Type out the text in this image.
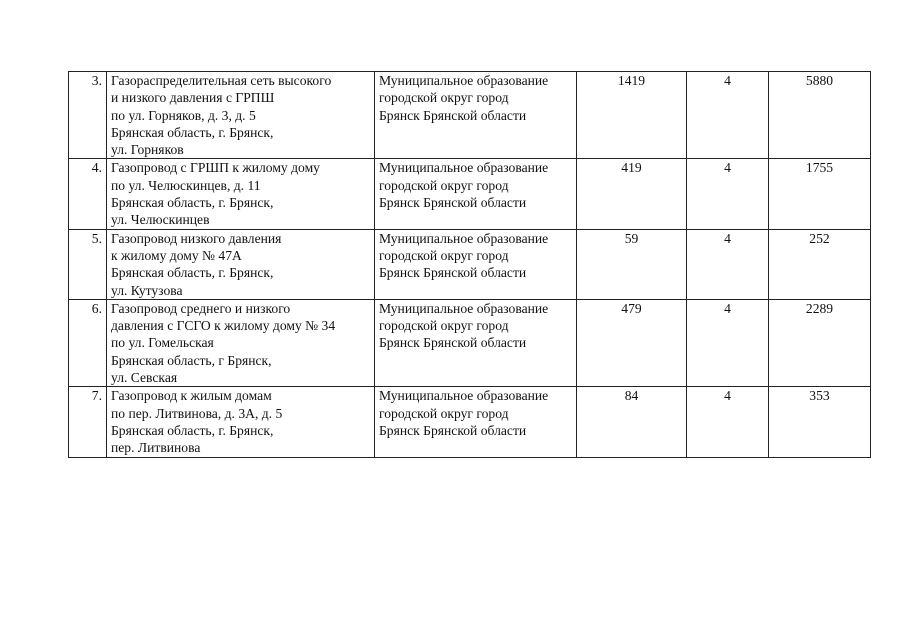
3.	Газораспределительная сеть высокого
и низкого давления с ГРПШ
по ул. Горняков, д. 3, д. 5
Брянская область, г. Брянск,
ул. Горняков	Муниципальное образование
городской округ город
Брянск Брянской области	1419	4	5880
4.	Газопровод с ГРШП к жилому дому
по ул. Челюскинцев, д. 11
Брянская область, г. Брянск,
ул. Челюскинцев	Муниципальное образование
городской округ город
Брянск Брянской области	419	4	1755
5.	Газопровод низкого давления
к жилому дому № 47А
Брянская область, г. Брянск,
ул. Кутузова	Муниципальное образование
городской округ город
Брянск Брянской области	59	4	252
6.	Газопровод среднего и низкого
давления с ГСГО к жилому дому № 34
по ул. Гомельская
Брянская область, г Брянск,
ул. Севская	Муниципальное образование
городской округ город
Брянск Брянской области	479	4	2289
7.	Газопровод к жилым домам
по пер. Литвинова, д. 3А, д. 5
Брянская область, г. Брянск,
пер. Литвинова	Муниципальное образование
городской округ город
Брянск Брянской области	84	4	353
